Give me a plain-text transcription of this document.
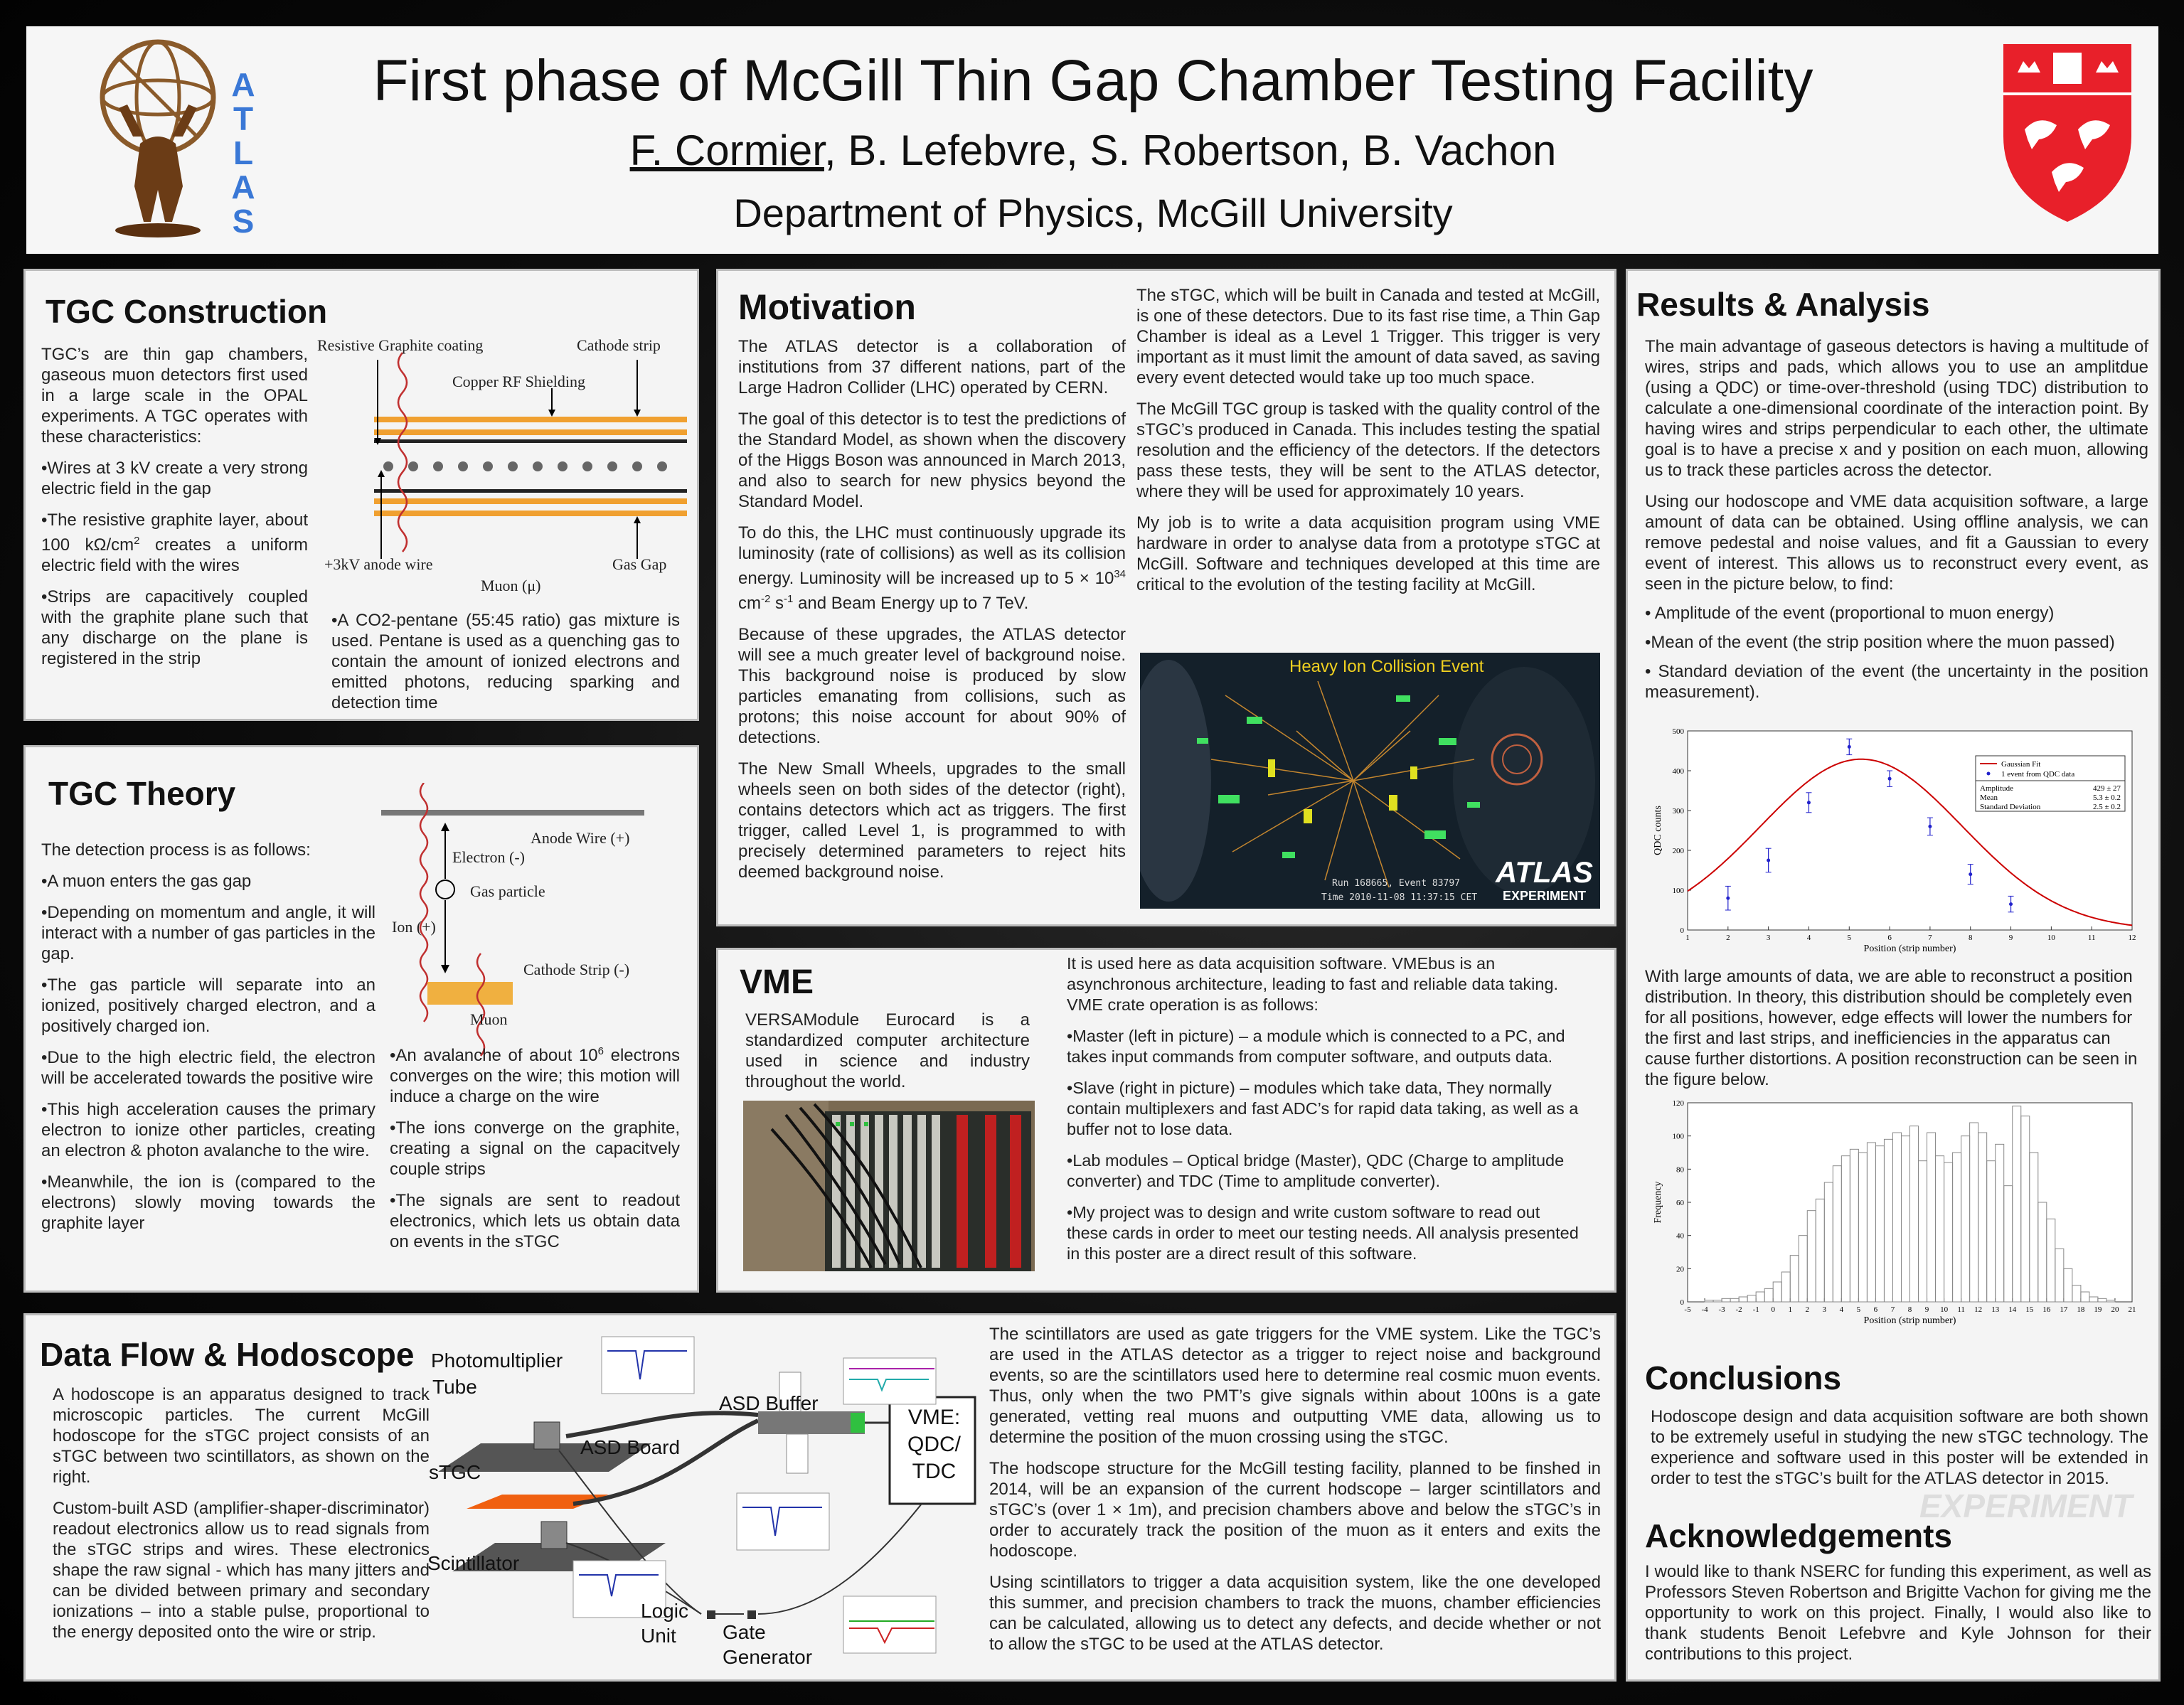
A
T
L
A
S
First phase of McGill Thin Gap Chamber Testing Facility
F. Cormier, B. Lefebvre, S. Robertson, B. Vachon
Department of Physics, McGill University
TGC Construction

TGC’s are thin gap chambers, gaseous muon detectors first used in a large scale in the OPAL experiments. A TGC operates with these characteristics:

•Wires at 3 kV create a very strong electric field in the gap

•The resistive graphite layer, about 100 $k\Omega/cm^2$ creates a uniform electric field with the wires

•Strips are capacitively coupled with the graphite plane such that any discharge on the plane is registered in the strip

Resistive Graphite coating	Cathode strip
Copper RF Shielding
+3kV anode wire	Gas Gap
Muon (μ)

•A CO2-pentane (55:45 ratio) gas mixture is used. Pentane is used as a quenching gas to contain the amount of ionized electrons and emitted photons, reducing sparking and detection time

TGC Theory

The detection process is as follows:

•A muon enters the gas gap

•Depending on momentum and angle, it will interact with a number of gas particles in the gap.

•The gas particle will separate into an ionized, positively charged electron, and a positively charged ion.

•Due to the high electric field, the electron will be accelerated towards the positive wire

•This high acceleration causes the primary electron to ionize other particles, creating an electron & photon avalanche to the wire.

•Meanwhile, the ion is (compared to the electrons) slowly moving towards the graphite layer

Anode Wire (+)
Electron (-)
Gas particle
Ion (+)
Cathode Strip (-)
Muon

•An avalanche of about $10^6$ electrons converges on the wire; this motion will induce a charge on the wire

•The ions converge on the graphite, creating a signal on the capacitvely couple strips

•The signals are sent to readout electronics, which lets us obtain data on events in the sTGC

Motivation

The ATLAS detector is a collaboration of institutions from 37 different nations, part of the Large Hadron Collider (LHC) operated by CERN.

The goal of this detector is to test the predictions of the Standard Model, as shown when the discovery of the Higgs Boson was announced in March 2013, and also to search for new physics beyond the Standard Model.

To do this, the LHC must continuously upgrade its luminosity (rate of collisions) as well as its collision energy. Luminosity will be increased up to $5 \times 10^{34}$ $cm^{-2}$ $s^{-1}$ and Beam Energy up to 7 TeV.

Because of these upgrades, the ATLAS detector will see a much greater level of background noise. This background noise is produced by slow particles emanating from collisions, such as protons; this noise account for about 90% of detections.

The New Small Wheels, upgrades to the small wheels seen on both sides of the detector (right), contains detectors which act as triggers. The first trigger, called Level 1, is programmed to with precisely determined parameters to reject hits deemed background noise.

The sTGC, which will be built in Canada and tested at McGill, is one of these detectors. Due to its fast rise time, a Thin Gap Chamber is ideal as a Level 1 Trigger. This trigger is very important as it must limit the amount of data saved, as saving every event detected would take up too much space.

The McGill TGC group is tasked with the quality control of the sTGC’s produced in Canada. This includes testing the spatial resolution and the efficiency of the detectors. If the detectors pass these tests, they will be sent to the ATLAS detector, where they will be used for approximately 10 years.

My job is to write a data acquisition program using VME hardware in order to analyse data from a prototype sTGC at McGill. Software and techniques developed at this time are critical to the evolution of the testing facility at McGill.

Heavy Ion Collision Event
Run 168665, Event 83797
Time 2010-11-08 11:37:15 CET
ATLAS
EXPERIMENT
VME

VERSAModule Eurocard is a standardized computer architecture used in science and industry throughout the world.

It is used here as data acquisition software. VMEbus is an asynchronous architecture, leading to fast and reliable data taking. VME crate operation is as follows:

•Master (left in picture) – a module which is connected to a PC, and takes input commands from computer software, and outputs data.

•Slave (right in picture) – modules which take data, They normally contain multiplexers and fast ADC’s for rapid data taking, as well as a buffer not to lose data.

•Lab modules – Optical bridge (Master), QDC (Charge to amplitude converter) and TDC (Time to amplitude converter).

•My project was to design and write custom software to read out these cards in order to meet our testing needs. All analysis presented in this poster are a direct result of this software.

Data Flow & Hodoscope

A hodoscope is an apparatus designed to track microscopic particles. The current McGill hodoscope for the sTGC project consists of an sTGC between two scintillators, as shown on the right.

Custom-built ASD (amplifier-shaper-discriminator) readout electronics allow us to read signals from the sTGC strips and wires. These electronics shape the raw signal - which has many jitters and can be divided between primary and secondary ionizations – into a stable pulse, proportional to the energy deposited onto the wire or strip.

Photomultiplier
Tube
ASD Buffer
ASD Board
sTGC
Scintillator
Logic
Unit Gate
Generator
VME:
QDC/
TDC

The scintillators are used as gate triggers for the VME system. Like the TGC’s are used in the ATLAS detector as a trigger to reject noise and background events, so are the scintillators used here to determine real cosmic muon events. Thus, only when the two PMT’s give signals within about 100ns is a gate generated, vetting real muons and outputting VME data, allowing us to determine the position of the muon crossing using the sTGC.

The hodscope structure for the McGill testing facility, planned to be finshed in 2014, will be an expansion of the current hodscope – larger scintillators and sTGC’s (over 1 × 1m), and precision chambers above and below the sTGC’s in order to accurately track the position of the muon as it enters and exits the hodoscope.

Using scintillators to trigger a data acquisition system, like the one developed this summer, and precision chambers to track the muons, chamber efficiencies can be calculated, allowing us to detect any defects, and decide whether or not to allow the sTGC to be used at the ATLAS detector.

Results & Analysis

The main advantage of gaseous detectors is having a multitude of wires, strips and pads, which allows you to use an amplitdue (using a QDC) or time-over-threshold (using TDC) distribution to calculate a one-dimensional coordinate of the interaction point. By having wires and strips perpendicular to each other, the ultimate goal is to have a precise x and y position on each muon, allowing us to track these particles across the detector.

Using our hodoscope and VME data acquisition software, a large amount of data can be obtained. Using offline analysis, we can remove pedestal and noise values, and fit a Gaussian to every event of interest. This allows us to reconstruct every event, as seen in the picture below, to find:

• Amplitude of the event (proportional to muon energy)

•Mean of the event (the strip position where the muon passed)

• Standard deviation of the event (the uncertainty in the position measurement).

1	2	3	4	5	6	7	8	9	10	11	12
0
100
200
300
400
500
Position (strip number)
QDC counts
Gaussian Fit
1 event from QDC data
Amplitude	429 ± 27
Mean	5.3 ± 0.2
Standard Deviation	2.5 ± 0.2

With large amounts of data, we are able to reconstruct a position distribution. In theory, this distribution should be completely even for all positions, however, edge effects will lower the numbers for the first and last strips, and inefficiencies in the apparatus can cause further distortions. A position reconstruction can be seen in the figure below.

-5 -4 -3 -2 -1 0 1 2 3 4 5 6 7 8 9 10 11 12 13 14 15 16 17 18 19 20 21
0
20
40
60
80
100
120
Position (strip number)
Frequency
Conclusions

Hodoscope design and data acquisition software are both shown to be extremely useful in studying the new sTGC technology. The experience and software used in this poster will be extended in order to test the sTGC’s built for the ATLAS detector in 2015.

EXPERIMENT
Acknowledgements

I would like to thank NSERC for funding this experiment, as well as Professors Steven Robertson and Brigitte Vachon for giving me the opportunity to work on this project. Finally, I would also like to thank students Benoit Lefebvre and Kyle Johnson for their contributions to this project.
